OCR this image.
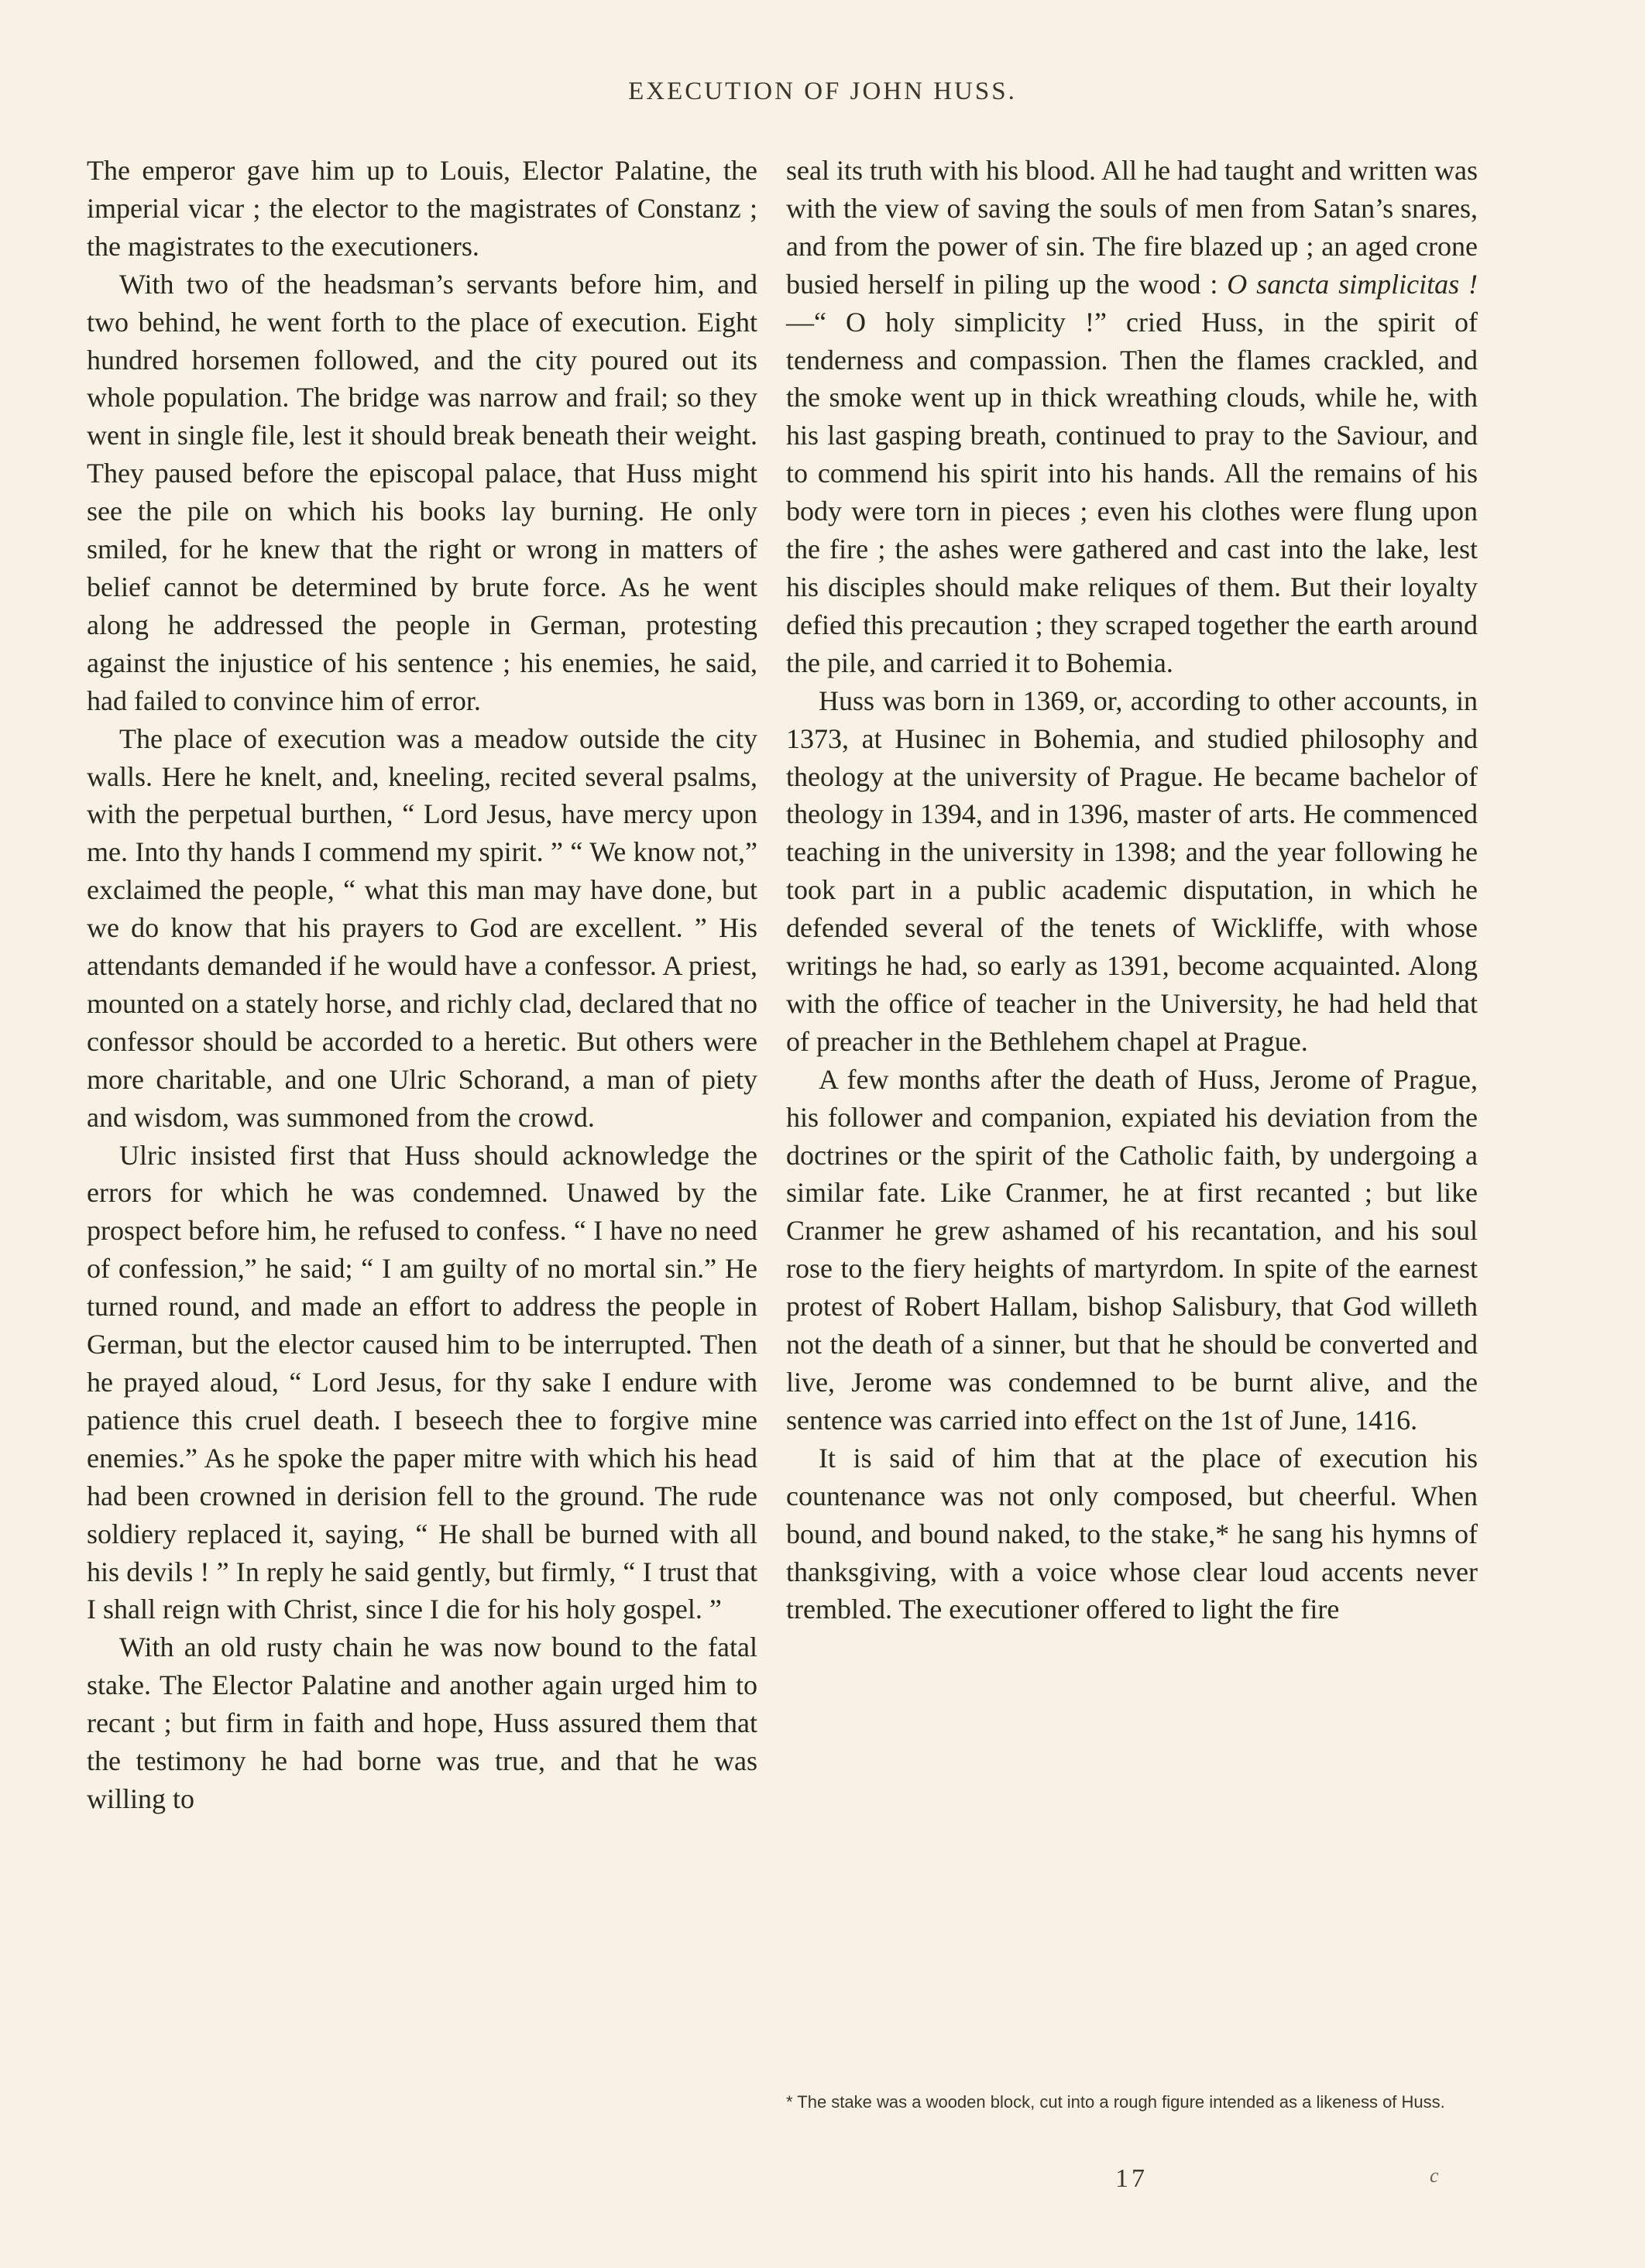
EXECUTION OF JOHN HUSS.

The emperor gave him up to Louis, Elector Palatine, the imperial vicar ; the elector to the magistrates of Constanz ; the magistrates to the executioners.

With two of the headsman’s servants before him, and two behind, he went forth to the place of execution. Eight hundred horsemen followed, and the city poured out its whole population. The bridge was narrow and frail; so they went in single file, lest it should break beneath their weight. They paused before the episcopal palace, that Huss might see the pile on which his books lay burning. He only smiled, for he knew that the right or wrong in matters of belief cannot be determined by brute force. As he went along he addressed the people in German, protesting against the injustice of his sentence ; his enemies, he said, had failed to convince him of error.

The place of execution was a meadow outside the city walls. Here he knelt, and, kneeling, recited several psalms, with the perpetual burthen, “ Lord Jesus, have mercy upon me. Into thy hands I commend my spirit. ” “ We know not,” exclaimed the people, “ what this man may have done, but we do know that his prayers to God are excellent. ” His attendants demanded if he would have a confessor. A priest, mounted on a stately horse, and richly clad, declared that no confessor should be accorded to a heretic. But others were more charitable, and one Ulric Schorand, a man of piety and wisdom, was summoned from the crowd.

Ulric insisted first that Huss should acknowledge the errors for which he was condemned. Unawed by the prospect before him, he refused to confess. “ I have no need of confession,” he said; “ I am guilty of no mortal sin.” He turned round, and made an effort to address the people in German, but the elector caused him to be interrupted. Then he prayed aloud, “ Lord Jesus, for thy sake I endure with patience this cruel death. I beseech thee to forgive mine enemies.” As he spoke the paper mitre with which his head had been crowned in derision fell to the ground. The rude soldiery replaced it, saying, “ He shall be burned with all his devils ! ” In reply he said gently, but firmly, “ I trust that I shall reign with Christ, since I die for his holy gospel. ”

With an old rusty chain he was now bound to the fatal stake. The Elector Palatine and another again urged him to recant ; but firm in faith and hope, Huss assured them that the testimony he had borne was true, and that he was willing to

seal its truth with his blood. All he had taught and written was with the view of saving the souls of men from Satan’s snares, and from the power of sin. The fire blazed up ; an aged crone busied herself in piling up the wood : O sancta simplicitas !—“ O holy simplicity !” cried Huss, in the spirit of tenderness and compassion. Then the flames crackled, and the smoke went up in thick wreathing clouds, while he, with his last gasping breath, continued to pray to the Saviour, and to commend his spirit into his hands. All the remains of his body were torn in pieces ; even his clothes were flung upon the fire ; the ashes were gathered and cast into the lake, lest his disciples should make reliques of them. But their loyalty defied this precaution ; they scraped together the earth around the pile, and carried it to Bohemia.

Huss was born in 1369, or, according to other accounts, in 1373, at Husinec in Bohemia, and studied philosophy and theology at the university of Prague. He became bachelor of theology in 1394, and in 1396, master of arts. He commenced teaching in the university in 1398; and the year following he took part in a public academic disputation, in which he defended several of the tenets of Wickliffe, with whose writings he had, so early as 1391, become acquainted. Along with the office of teacher in the University, he had held that of preacher in the Bethlehem chapel at Prague.

A few months after the death of Huss, Jerome of Prague, his follower and companion, expiated his deviation from the doctrines or the spirit of the Catholic faith, by undergoing a similar fate. Like Cranmer, he at first recanted ; but like Cranmer he grew ashamed of his recantation, and his soul rose to the fiery heights of martyrdom. In spite of the earnest protest of Robert Hallam, bishop Salisbury, that God willeth not the death of a sinner, but that he should be converted and live, Jerome was condemned to be burnt alive, and the sentence was carried into effect on the 1st of June, 1416.

It is said of him that at the place of execution his countenance was not only composed, but cheerful. When bound, and bound naked, to the stake,* he sang his hymns of thanksgiving, with a voice whose clear loud accents never trembled. The executioner offered to light the fire

* The stake was a wooden block, cut into a rough figure intended as a likeness of Huss.
17	c
